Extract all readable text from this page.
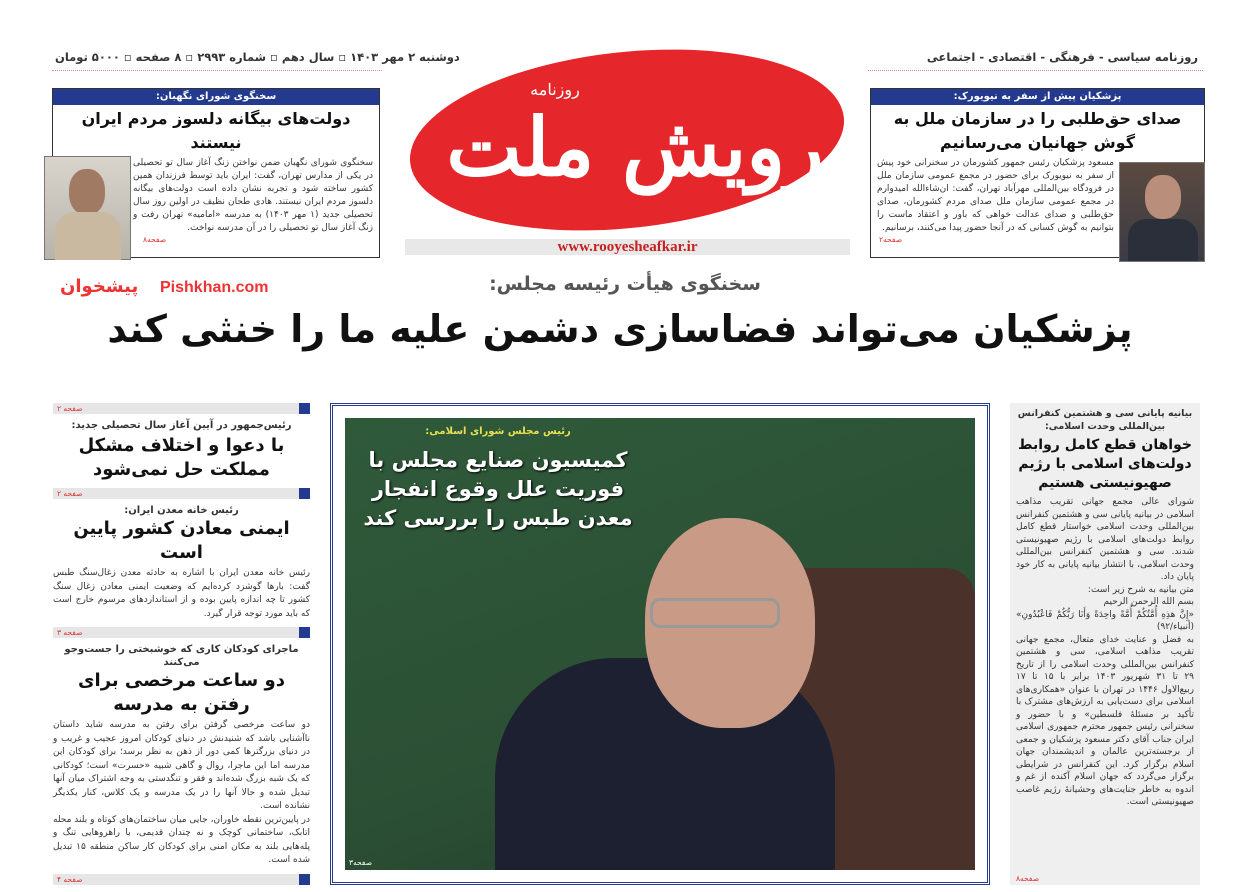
دوشنبه ۲ مهر ۱۴۰۳ ▫ سال دهم ▫ شماره ۲۹۹۳ ▫ ۸ صفحه ▫ ۵۰۰۰ تومان	روزنامه سیاسی - فرهنگی - اقتصادی - اجتماعی
رویش ملت
روزنامه
www.rooyesheafkar.ir
سخنگوی شورای نگهبان:
دولت‌های بیگانه دلسوز مردم ایران نیستند
سخنگوی شورای نگهبان ضمن نواختن زنگ آغاز سال تو تحصیلی در یکی از مدارس تهران، گفت: ایران باید توسط فرزندان همین کشور ساخته شود و تجربه نشان داده است دولت‌های بیگانه دلسوز مردم ایران نیستند. هادی طحان نظیف در اولین روز سال تحصیلی جدید (۱ مهر ۱۴۰۳) به مدرسه «امامیه» تهران رفت و زنگ آغاز سال تو تحصیلی را در آن مدرسه نواخت.
صفحه۸
پزشکیان پیش از سفر به نیویورک:
صدای حق‌طلبی را در سازمان ملل به گوش جهانیان می‌رسانیم
مسعود پزشکیان رئیس جمهور کشورمان در سخنرانی خود پیش از سفر به نیویورک برای حضور در مجمع عمومی سازمان ملل در فرودگاه بین‌المللی مهرآباد تهران، گفت: ان‌شاءالله امیدوارم در مجمع عمومی سازمان ملل صدای مردم کشورمان، صدای حق‌طلبی و صدای عدالت خواهی که باور و اعتقاد ماست را بتوانیم به گوش کسانی که در آنجا حضور پیدا می‌کنند، برسانیم.
صفحه۲
پیشخوان Pishkhan.com	سخنگوی هیأت رئیسه مجلس:
پزشکیان می‌تواند فضاسازی دشمن علیه ما را خنثی کند
رئیس مجلس شورای اسلامی:
کمیسیون صنایع مجلس با فوریت علل وقوع انفجار معدن طبس را بررسی کند
صفحه۳
صفحه ۲
رئیس‌جمهور در آیین آغاز سال تحصیلی جدید:
با دعوا و اختلاف مشکل مملکت حل نمی‌شود
صفحه ۲
رئیس خانه معدن ایران:
ایمنی معادن کشور پایین است
رئیس خانه معدن ایران با اشاره به حادثه معدن زغال‌سنگ طبس گفت: بارها گوشزد کرده‌ایم که وضعیت ایمنی معادن زغال سنگ کشور تا چه اندازه پایین بوده و از استانداردهای مرسوم خارج است که باید مورد توجه قرار گیرد.
صفحه ۳
ماجرای کودکان کاری که خوشبختی را جست‌وجو می‌کنند
دو ساعت مرخصی برای رفتن به مدرسه
دو ساعت مرخصی گرفتن برای رفتن به مدرسه شاید داستان ناآشنایی باشد که شنیدنش در دنیای کودکان امروز عجیب و غریب و در دنیای بزرگترها کمی دور از ذهن به نظر برسد؛ برای کودکان این مدرسه اما این ماجرا، روال و گاهی شبیه «حسرت» است؛ کودکانی که یک شبه بزرگ شده‌اند و فقر و تنگدستی به وجه اشتراک میان آنها تبدیل شده و حالا آنها را در یک مدرسه و یک کلاس، کنار یکدیگر نشانده است.
در پایین‌ترین نقطه خاوران، جایی میان ساختمان‌های کوتاه و بلند محله اتابک، ساختمانی کوچک و نه چندان قدیمی، با راهروهایی تنگ و پله‌هایی بلند به مکان امنی برای کودکان کار ساکن منطقه ۱۵ تبدیل شده است.
صفحه ۴
بیانیه پایانی سی و هشتمین کنفرانس بین‌المللی وحدت اسلامی:
خواهان قطع کامل روابط دولت‌های اسلامی با رژیم صهیونیستی هستیم
شورای عالی مجمع جهانی تقریب مذاهب اسلامی در بیانیه پایانی سی و هشتمین کنفرانس بین‌المللی وحدت اسلامی خواستار قطع کامل روابط دولت‌های اسلامی با رژیم صهیونیستی شدند. سی و هشتمین کنفرانس بین‌المللی وحدت اسلامی، با انتشار بیانیه پایانی به کار خود پایان داد.
متن بیانیه به شرح زیر است:
بسم الله الرحمن الرحیم
«إِنَّ هذِهِ أُمَّتُکُمْ أُمَّةً واحِدَةً وَأَنَا رَبُّکُمْ فَاعْبُدُونِ» (أنبیاء/۹۲)
به فضل و عنایت خدای متعال، مجمع جهانی تقریب مذاهب اسلامی، سی و هشتمین کنفرانس بین‌المللی وحدت اسلامی را از تاریخ ۲۹ تا ۳۱ شهریور ۱۴۰۳ برابر با ۱۵ تا ۱۷ ربیع‌الاول ۱۴۴۶ در تهران با عنوان «همکاری‌های اسلامی برای دست‌یابی به ارزش‌های مشترک با تأکید بر مسئلهٔ فلسطین» و با حضور و سخنرانی رئیس جمهور محترم جمهوری اسلامی ایران جناب آقای دکتر مسعود پزشکیان و جمعی از برجسته‌ترین عالمان و اندیشمندان جهان اسلام برگزار کرد. این کنفرانس در شرایطی برگزار می‌گردد که جهان اسلام آکنده از غم و اندوه به خاطر جنایت‌های وحشیانهٔ رژیم غاصب صهیونیستی است.
صفحه۸
